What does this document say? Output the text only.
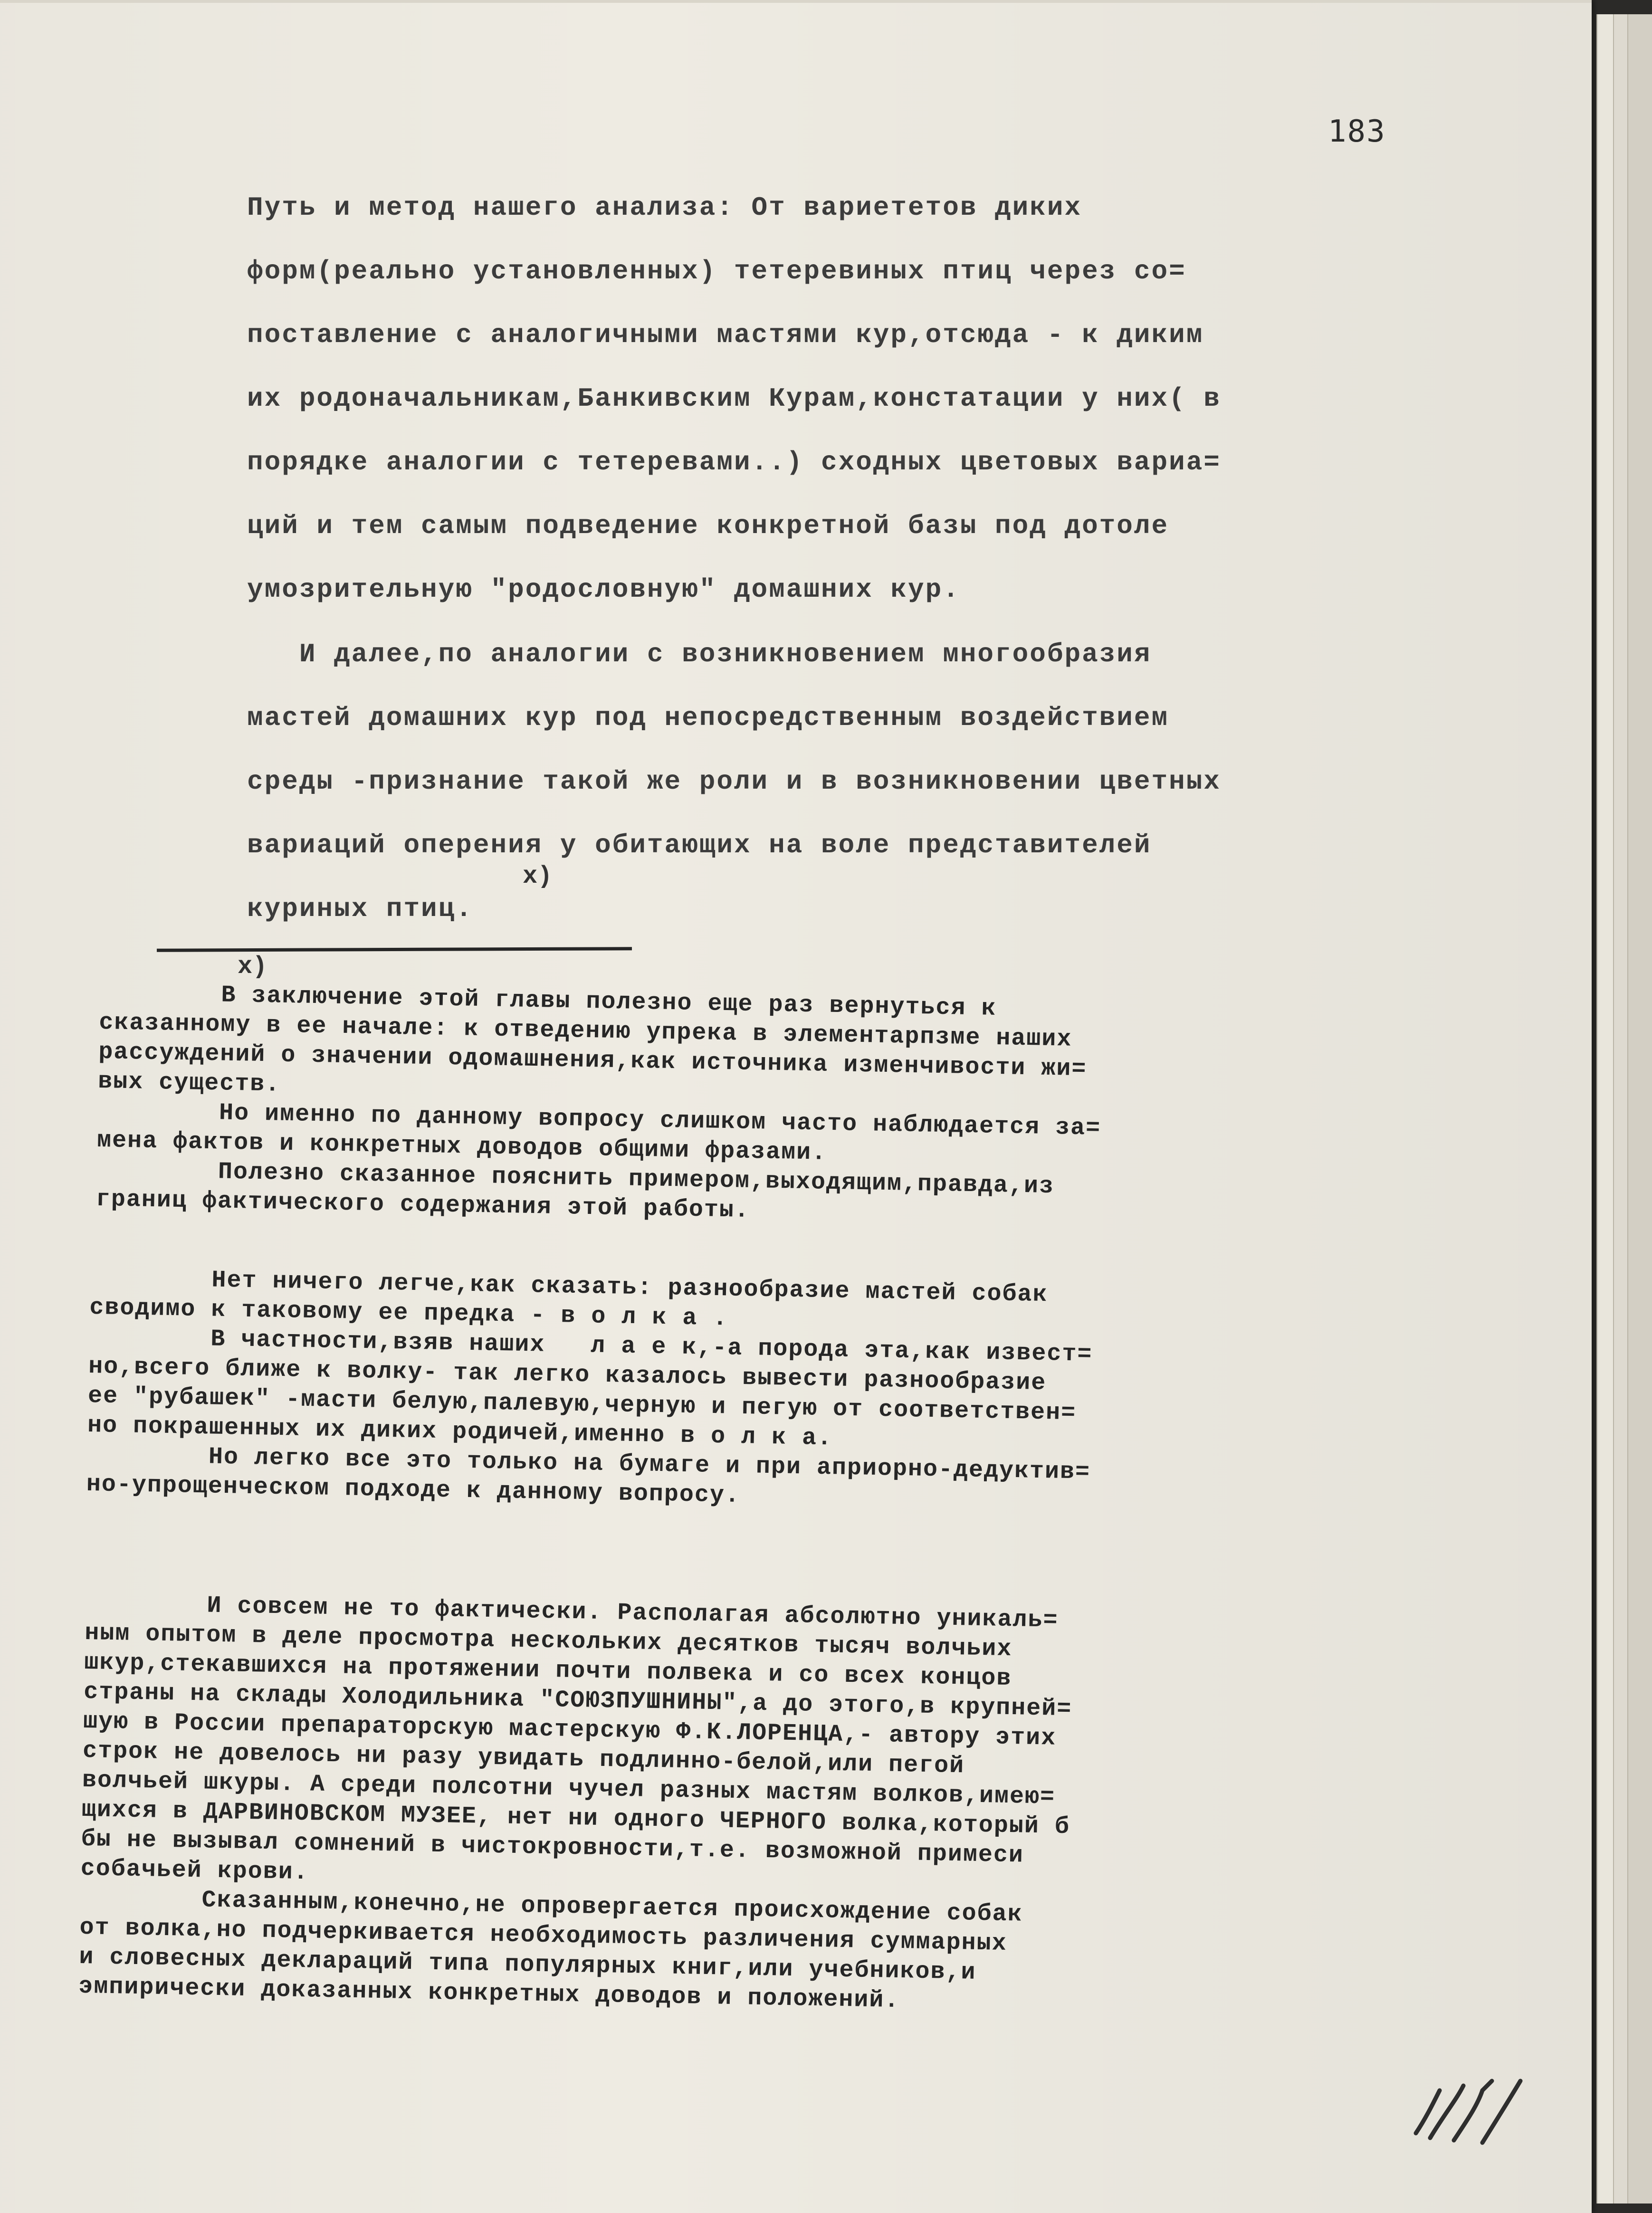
183
Путь и метод нашего анализа: От вариететов диких
форм(реально установленных) тетеревиных птиц через со=
поставление с аналогичными мастями кур,отсюда - к диким
их родоначальникам,Банкивским Курам,констатации у них( в
порядке аналогии с тетеревами..) сходных цветовых вариа=
ций и тем самым подведение конкретной базы под дотоле
умозрительную "родословную" домашних кур.
И далее,по аналогии с возникновением многообразия
мастей домашних кур под непосредственным воздействием
среды -признание такой же роли и в возникновении цветных
вариаций оперения у обитающих на воле представителей
куриных птиц.
х)
х)
В заключение этой главы полезно еще раз вернуться к
сказанному в ее начале: к отведению упрека в элементарпзме наших
рассуждений о значении одомашнения,как источника изменчивости жи=
вых существ.
Но именно по данному вопросу слишком часто наблюдается за=
мена фактов и конкретных доводов общими фразами.
Полезно сказанное пояснить примером,выходящим,правда,из
границ фактического содержания этой работы.
Нет ничего легче,как сказать: разнообразие мастей собак
сводимо к таковому ее предка - в о л к а .
В частности,взяв наших   л а е к,-а порода эта,как извест=
но,всего ближе к волку- так легко казалось вывести разнообразие
ее "рубашек" -масти белую,палевую,черную и пегую от соответствен=
но покрашенных их диких родичей,именно в о л к а.
Но легко все это только на бумаге и при априорно-дедуктив=
но-упрощенческом подходе к данному вопросу.
И совсем не то фактически. Располагая абсолютно уникаль=
ным опытом в деле просмотра нескольких десятков тысяч волчьих
шкур,стекавшихся на протяжении почти полвека и со всех концов
страны на склады Холодильника "СОЮЗПУШНИНЫ",а до этого,в крупней=
шую в России препараторскую мастерскую Ф.К.ЛОРЕНЦА,- автору этих
строк не довелось ни разу увидать подлинно-белой,или пегой
волчьей шкуры. А среди полсотни чучел разных мастям волков,имею=
щихся в ДАРВИНОВСКОМ МУЗЕЕ, нет ни одного ЧЕРНОГО волка,который б
бы не вызывал сомнений в чистокровности,т.е. возможной примеси
собачьей крови.
Сказанным,конечно,не опровергается происхождение собак
от волка,но подчеркивается необходимость различения суммарных
и словесных деклараций типа популярных книг,или учебников,и
эмпирически доказанных конкретных доводов и положений.
